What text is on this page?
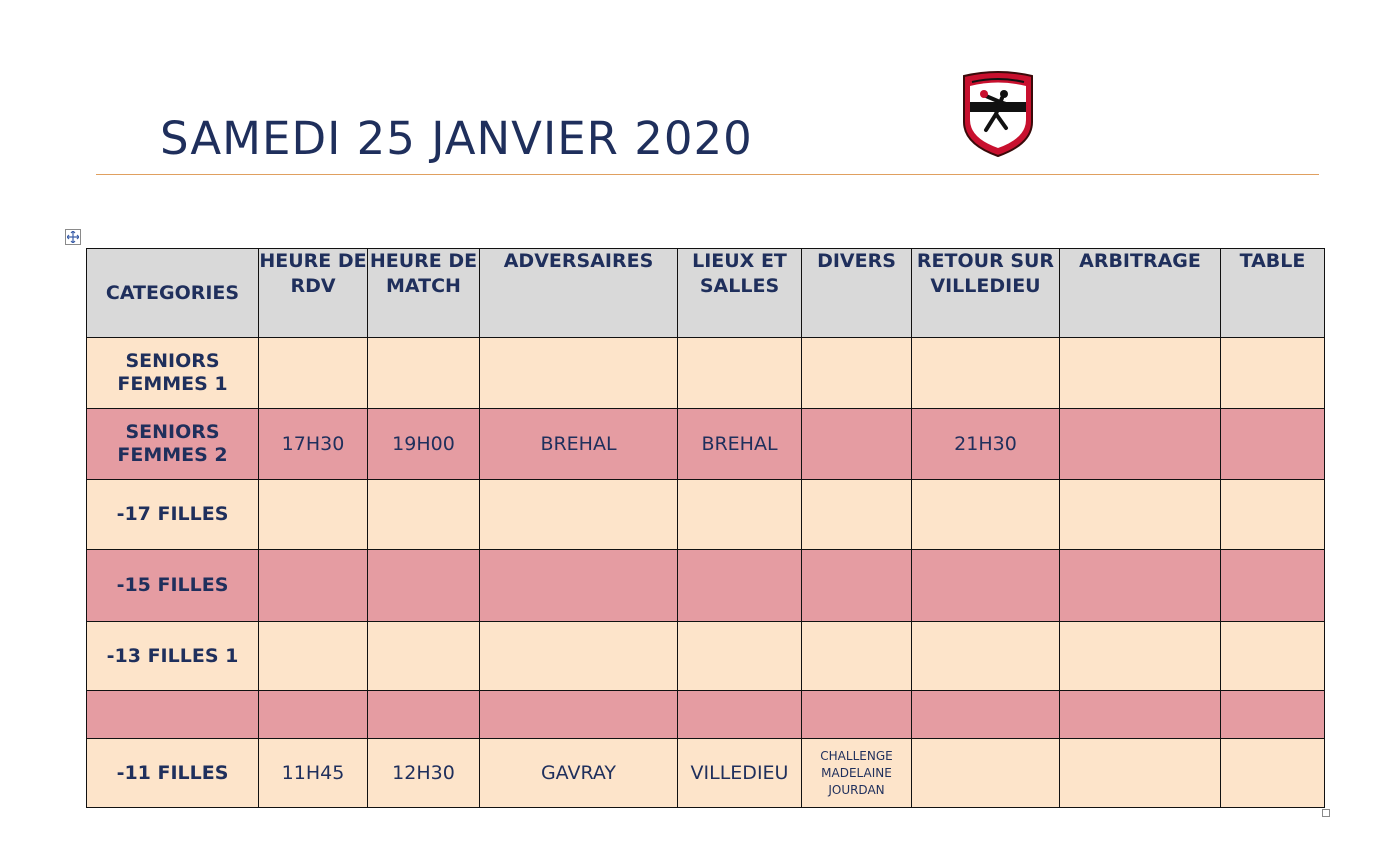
SAMEDI 25 JANVIER 2020
CATEGORIES	HEURE DE RDV	HEURE DE MATCH	ADVERSAIRES	LIEUX ET SALLES	DIVERS	RETOUR SUR VILLEDIEU	ARBITRAGE	TABLE
SENIORS FEMMES 1								
SENIORS FEMMES 2	17H30	19H00	BREHAL	BREHAL		21H30		
-17 FILLES								
-15 FILLES								
-13 FILLES 1								

-11 FILLES	11H45	12H30	GAVRAY	VILLEDIEU	CHALLENGE MADELAINE JOURDAN			
